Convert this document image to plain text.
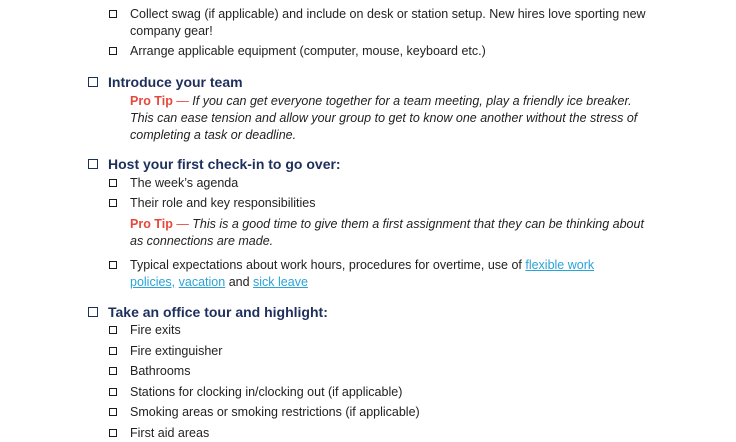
Collect swag (if applicable) and include on desk or station setup. New hires love sporting new company gear!
Arrange applicable equipment (computer, mouse, keyboard etc.)
Introduce your team
Pro Tip — If you can get everyone together for a team meeting, play a friendly ice breaker. This can ease tension and allow your group to get to know one another without the stress of completing a task or deadline.
Host your first check-in to go over:
The week’s agenda
Their role and key responsibilities
Pro Tip — This is a good time to give them a first assignment that they can be thinking about as connections are made.
Typical expectations about work hours, procedures for overtime, use of flexible work policies, vacation and sick leave
Take an office tour and highlight:
Fire exits
Fire extinguisher
Bathrooms
Stations for clocking in/clocking out (if applicable)
Smoking areas or smoking restrictions (if applicable)
First aid areas
